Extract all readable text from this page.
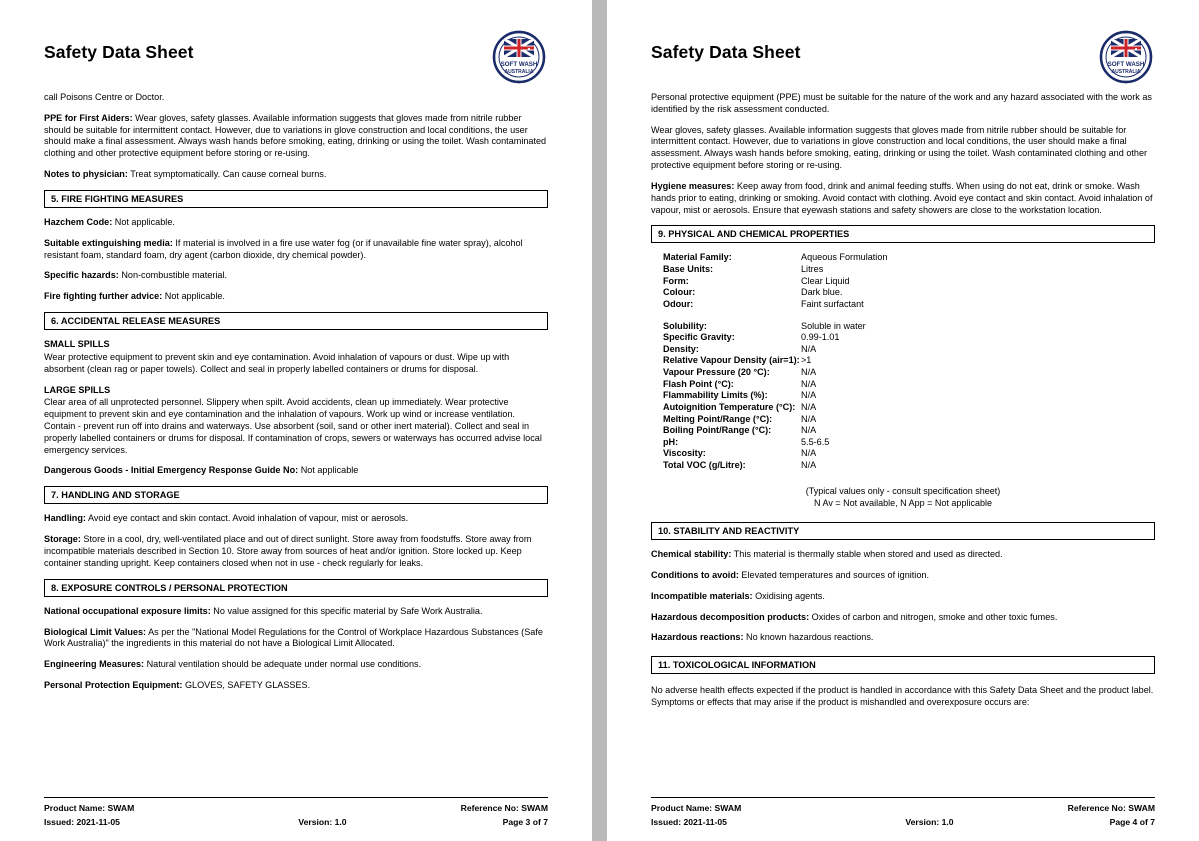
Safety Data Sheet
SOFT WASH
AUSTRALIA

call Poisons Centre or Doctor.

PPE for First Aiders: Wear gloves, safety glasses. Available information suggests that gloves made from nitrile rubber should be suitable for intermittent contact. However, due to variations in glove construction and local conditions, the user should make a final assessment. Always wash hands before smoking, eating, drinking or using the toilet. Wash contaminated clothing and other protective equipment before storing or re-using.

Notes to physician: Treat symptomatically. Can cause corneal burns.

5. FIRE FIGHTING MEASURES

Hazchem Code: Not applicable.

Suitable extinguishing media: If material is involved in a fire use water fog (or if unavailable fine water spray), alcohol resistant foam, standard foam, dry agent (carbon dioxide, dry chemical powder).

Specific hazards: Non-combustible material.

Fire fighting further advice: Not applicable.

6. ACCIDENTAL RELEASE MEASURES
SMALL SPILLS

Wear protective equipment to prevent skin and eye contamination. Avoid inhalation of vapours or dust. Wipe up with absorbent (clean rag or paper towels). Collect and seal in properly labelled containers or drums for disposal.

LARGE SPILLS

Clear area of all unprotected personnel. Slippery when spilt. Avoid accidents, clean up immediately. Wear protective equipment to prevent skin and eye contamination and the inhalation of vapours. Work up wind or increase ventilation. Contain - prevent run off into drains and waterways. Use absorbent (soil, sand or other inert material). Collect and seal in properly labelled containers or drums for disposal. If contamination of crops, sewers or waterways has occurred advise local emergency services.

Dangerous Goods - Initial Emergency Response Guide No: Not applicable

7. HANDLING AND STORAGE

Handling: Avoid eye contact and skin contact. Avoid inhalation of vapour, mist or aerosols.

Storage: Store in a cool, dry, well-ventilated place and out of direct sunlight. Store away from foodstuffs. Store away from incompatible materials described in Section 10. Store away from sources of heat and/or ignition. Store locked up. Keep container standing upright. Keep containers closed when not in use - check regularly for leaks.

8. EXPOSURE CONTROLS / PERSONAL PROTECTION

National occupational exposure limits: No value assigned for this specific material by Safe Work Australia.

Biological Limit Values: As per the "National Model Regulations for the Control of Workplace Hazardous Substances (Safe Work Australia)" the ingredients in this material do not have a Biological Limit Allocated.

Engineering Measures: Natural ventilation should be adequate under normal use conditions.

Personal Protection Equipment: GLOVES, SAFETY GLASSES.

Product Name: SWAM	Reference No: SWAM
Issued: 2021-11-05	Version: 1.0	Page 3 of 7
Safety Data Sheet
SOFT WASH
AUSTRALIA

Personal protective equipment (PPE) must be suitable for the nature of the work and any hazard associated with the work as identified by the risk assessment conducted.

Wear gloves, safety glasses. Available information suggests that gloves made from nitrile rubber should be suitable for intermittent contact. However, due to variations in glove construction and local conditions, the user should make a final assessment. Always wash hands before smoking, eating, drinking or using the toilet. Wash contaminated clothing and other protective equipment before storing or re-using.

Hygiene measures: Keep away from food, drink and animal feeding stuffs. When using do not eat, drink or smoke. Wash hands prior to eating, drinking or smoking. Avoid contact with clothing. Avoid eye contact and skin contact. Avoid inhalation of vapour, mist or aerosols. Ensure that eyewash stations and safety showers are close to the workstation location.

9. PHYSICAL AND CHEMICAL PROPERTIES
Material Family:	Aqueous Formulation
Base Units:	Litres
Form:	Clear Liquid
Colour:	Dark blue.
Odour:	Faint surfactant
Solubility:	Soluble in water
Specific Gravity:	0.99-1.01
Density:	N/A
Relative Vapour Density (air=1): >1
Vapour Pressure (20 °C):	N/A
Flash Point (°C):	N/A
Flammability Limits (%):	N/A
Autoignition Temperature (°C): N/A
Melting Point/Range (°C):	N/A
Boiling Point/Range (°C):	N/A
pH:	5.5-6.5
Viscosity:	N/A
Total VOC (g/Litre):	N/A
(Typical values only - consult specification sheet)
N Av = Not available, N App = Not applicable
10. STABILITY AND REACTIVITY

Chemical stability: This material is thermally stable when stored and used as directed.

Conditions to avoid: Elevated temperatures and sources of ignition.

Incompatible materials: Oxidising agents.

Hazardous decomposition products: Oxides of carbon and nitrogen, smoke and other toxic fumes.

Hazardous reactions: No known hazardous reactions.

11. TOXICOLOGICAL INFORMATION

No adverse health effects expected if the product is handled in accordance with this Safety Data Sheet and the product label. Symptoms or effects that may arise if the product is mishandled and overexposure occurs are:

Product Name: SWAM	Reference No: SWAM
Issued: 2021-11-05	Version: 1.0	Page 4 of 7
